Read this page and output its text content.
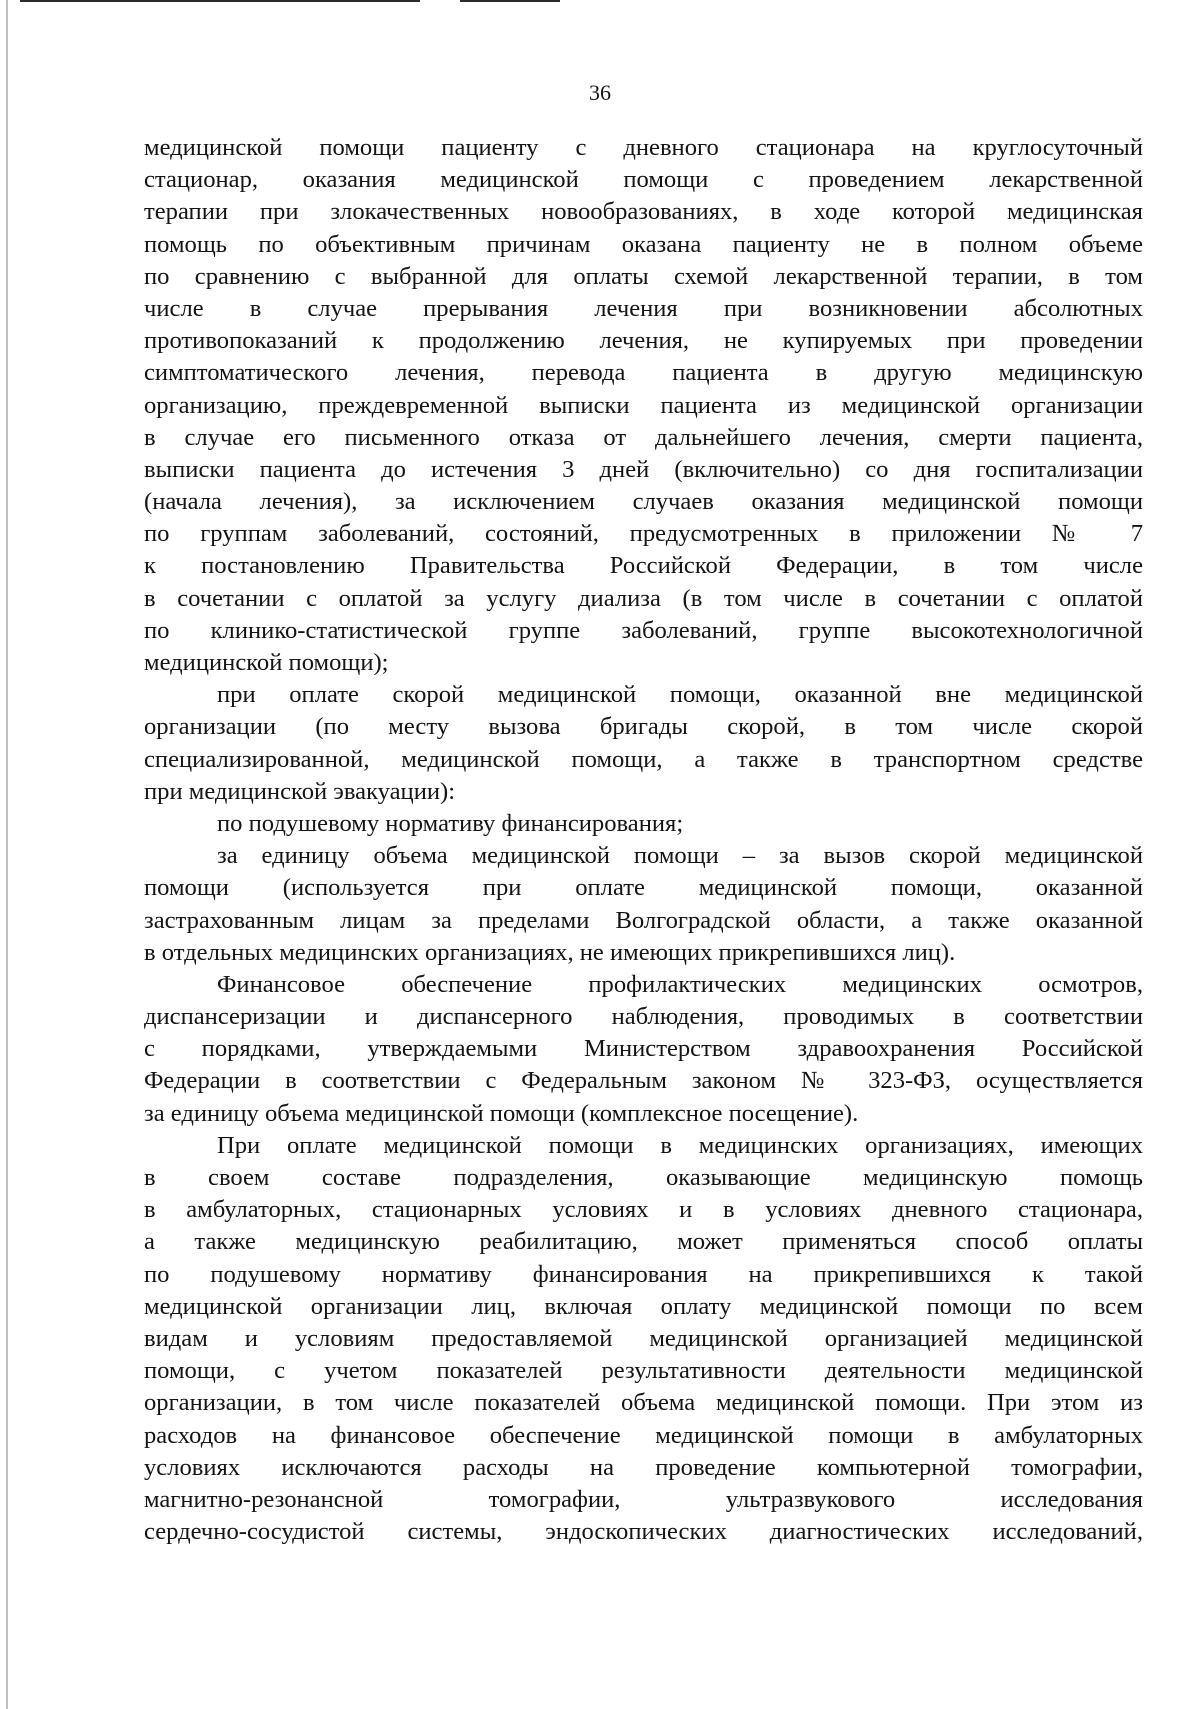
36
медицинской помощи пациенту с дневного стационара на круглосуточный
стационар, оказания медицинской помощи с проведением лекарственной
терапии при злокачественных новообразованиях, в ходе которой медицинская
помощь по объективным причинам оказана пациенту не в полном объеме
по сравнению с выбранной для оплаты схемой лекарственной терапии, в том
числе в случае прерывания лечения при возникновении абсолютных
противопоказаний к продолжению лечения, не купируемых при проведении
симптоматического лечения, перевода пациента в другую медицинскую
организацию, преждевременной выписки пациента из медицинской организации
в случае его письменного отказа от дальнейшего лечения, смерти пациента,
выписки пациента до истечения 3 дней (включительно) со дня госпитализации
(начала лечения), за исключением случаев оказания медицинской помощи
по группам заболеваний, состояний, предусмотренных в приложении № 7
к постановлению Правительства Российской Федерации, в том числе
в сочетании с оплатой за услугу диализа (в том числе в сочетании с оплатой
по клинико-статистической группе заболеваний, группе высокотехнологичной
медицинской помощи);
при оплате скорой медицинской помощи, оказанной вне медицинской
организации (по месту вызова бригады скорой, в том числе скорой
специализированной, медицинской помощи, а также в транспортном средстве
при медицинской эвакуации):
по подушевому нормативу финансирования;
за единицу объема медицинской помощи – за вызов скорой медицинской
помощи (используется при оплате медицинской помощи, оказанной
застрахованным лицам за пределами Волгоградской области, а также оказанной
в отдельных медицинских организациях, не имеющих прикрепившихся лиц).
Финансовое обеспечение профилактических медицинских осмотров,
диспансеризации и диспансерного наблюдения, проводимых в соответствии
с порядками, утверждаемыми Министерством здравоохранения Российской
Федерации в соответствии с Федеральным законом № 323-ФЗ, осуществляется
за единицу объема медицинской помощи (комплексное посещение).
При оплате медицинской помощи в медицинских организациях, имеющих
в своем составе подразделения, оказывающие медицинскую помощь
в амбулаторных, стационарных условиях и в условиях дневного стационара,
а также медицинскую реабилитацию, может применяться способ оплаты
по подушевому нормативу финансирования на прикрепившихся к такой
медицинской организации лиц, включая оплату медицинской помощи по всем
видам и условиям предоставляемой медицинской организацией медицинской
помощи, с учетом показателей результативности деятельности медицинской
организации, в том числе показателей объема медицинской помощи. При этом из
расходов на финансовое обеспечение медицинской помощи в амбулаторных
условиях исключаются расходы на проведение компьютерной томографии,
магнитно-резонансной томографии, ультразвукового исследования
сердечно-сосудистой системы, эндоскопических диагностических исследований,
